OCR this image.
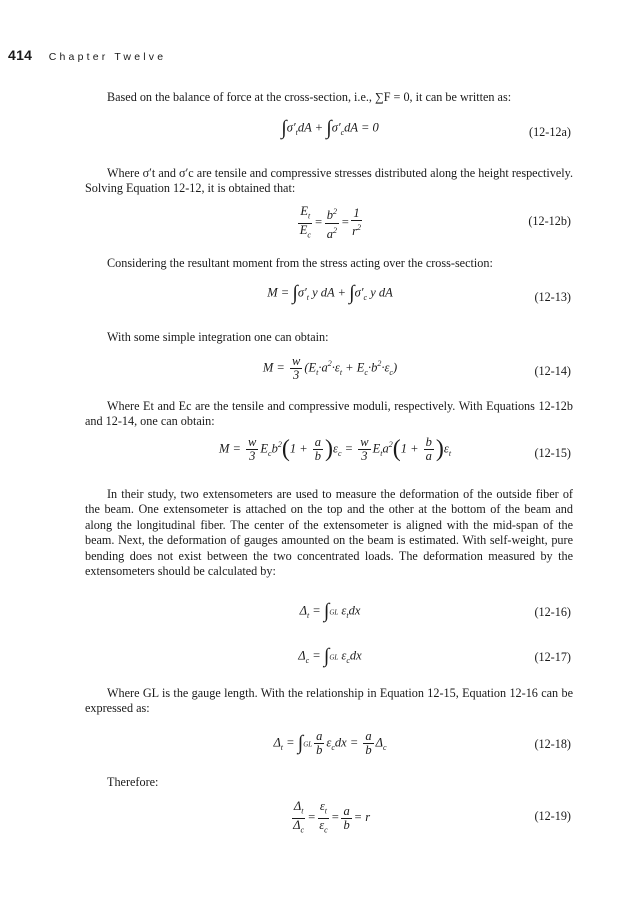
414 Chapter Twelve
Based on the balance of force at the cross-section, i.e., ∑F = 0, it can be written as:
$\int\sigma'_tdA + \int\sigma'_cdA = 0$	(12-12a)
Where σ′t and σ′c are tensile and compressive stresses distributed along the height respectively. Solving Equation 12-12, it is obtained that:
$\frac{E_t}{E_c} = \frac{b^2}{a^2} = \frac{1}{r^2}$	(12-12b)
Considering the resultant moment from the stress acting over the cross-section:
$M = \int\sigma'_t$ y dA + $\int\sigma'_c$ y dA	(12-13)
With some simple integration one can obtain:
$M = \frac{w}{3} (E_t\cdot a^2\cdot\varepsilon_t + E_c\cdot b^2\cdot\varepsilon_c)$	(12-14)
Where Et and Ec are the tensile and compressive moduli, respectively. With Equations 12-12b and 12-14, one can obtain:
$M = \frac{w}{3} E_cb^2(1 + \frac{a}{b} )\varepsilon_c = \frac{w}{3} E_ta^2(1 + \frac{b}{a} )\varepsilon_t$	(12-15)
In their study, two extensometers are used to measure the deformation of the outside fiber of the beam. One extensometer is attached on the top and the other at the bottom of the beam and along the longitudinal fiber. The center of the extensometer is aligned with the mid-span of the beam. Next, the deformation of gauges amounted on the beam is estimated. With self-weight, pure bending does not exist between the two concentrated loads. The deformation measured by the extensometers should be calculated by:
$\Delta_t = \int GL$ $\varepsilon_tdx$	(12-16)
$\Delta_c = \int GL$ $\varepsilon_cdx$	(12-17)
Where GL is the gauge length. With the relationship in Equation 12-15, Equation 12-16 can be expressed as:
$\Delta_t = \int GL \frac{a}{b} \varepsilon_cdx = \frac{a}{b} \Delta_c$	(12-18)
Therefore:
$\frac{\Delta_t}{\Delta_c} = \frac{\varepsilon_t}{\varepsilon_c} = \frac{a}{b} = r$	(12-19)
